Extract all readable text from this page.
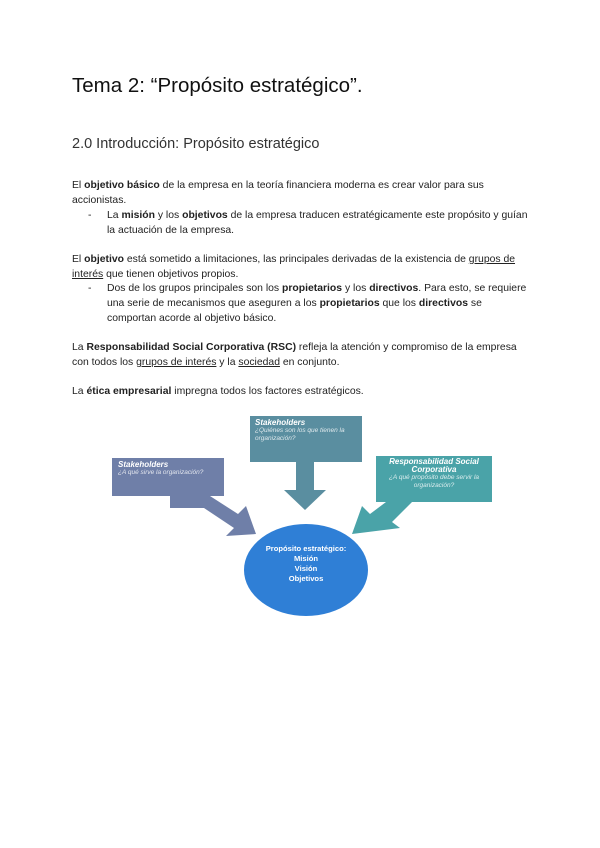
Tema 2: “Propósito estratégico”.
2.0 Introducción: Propósito estratégico

El objetivo básico de la empresa en la teoría financiera moderna es crear valor para sus accionistas.

- La misión y los objetivos de la empresa traducen estratégicamente este propósito y guían la actuación de la empresa.

El objetivo está sometido a limitaciones, las principales derivadas de la existencia de grupos de interés que tienen objetivos propios.

- Dos de los grupos principales son los propietarios y los directivos. Para esto, se requiere una serie de mecanismos que aseguren a los propietarios que los directivos se comportan acorde al objetivo básico.

La Responsabilidad Social Corporativa (RSC) refleja la atención y compromiso de la empresa con todos los grupos de interés y la sociedad en conjunto.

La ética empresarial impregna todos los factores estratégicos.

Stakeholders
¿A qué sirve la organización?
Stakeholders
¿Quiénes son los que tienen la organización?
Responsabilidad Social Corporativa
¿A qué propósito debe servir la organización?
Propósito estratégico:
Misión
Visión
Objetivos
